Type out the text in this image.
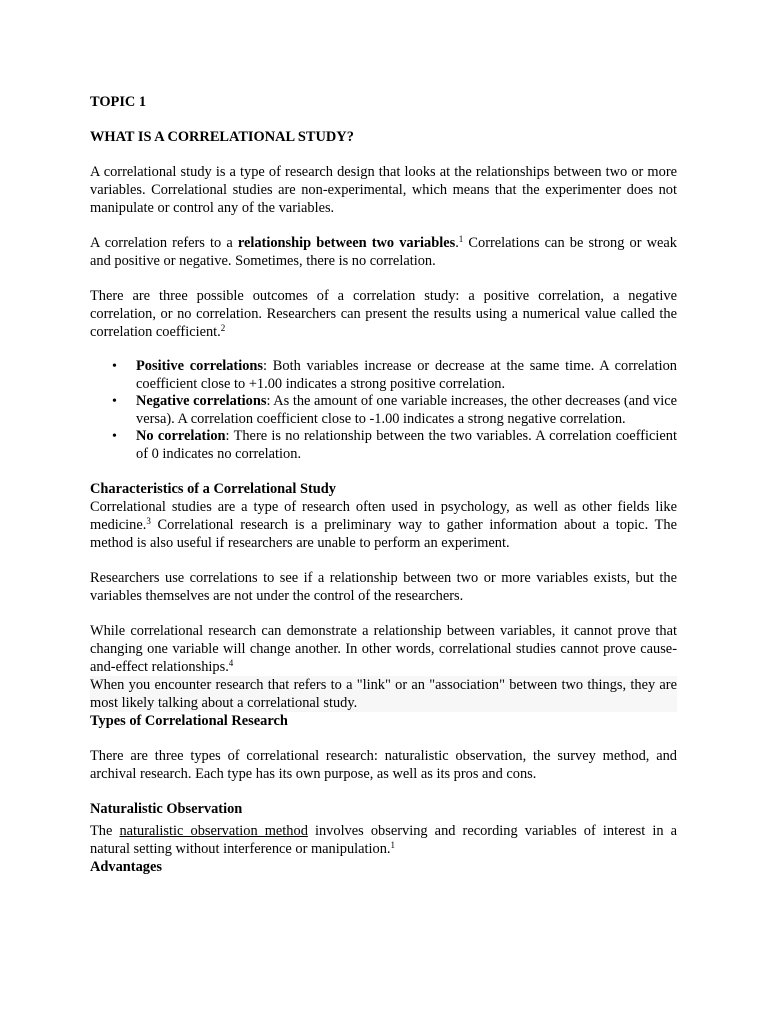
TOPIC 1
WHAT IS A CORRELATIONAL STUDY?

A correlational study is a type of research design that looks at the relationships between two or more variables. Correlational studies are non-experimental, which means that the experimenter does not manipulate or control any of the variables.

A correlation refers to a relationship between two variables.$^1$ Correlations can be strong or weak and positive or negative. Sometimes, there is no correlation.

There are three possible outcomes of a correlation study: a positive correlation, a negative correlation, or no correlation. Researchers can present the results using a numerical value called the correlation coefficient.$^2$

• Positive correlations: Both variables increase or decrease at the same time. A correlation coefficient close to +1.00 indicates a strong positive correlation.
• Negative correlations: As the amount of one variable increases, the other decreases (and vice versa). A correlation coefficient close to -1.00 indicates a strong negative correlation.
• No correlation: There is no relationship between the two variables. A correlation coefficient of 0 indicates no correlation.
Characteristics of a Correlational Study

Correlational studies are a type of research often used in psychology, as well as other fields like medicine.$^3$ Correlational research is a preliminary way to gather information about a topic. The method is also useful if researchers are unable to perform an experiment.

Researchers use correlations to see if a relationship between two or more variables exists, but the variables themselves are not under the control of the researchers.

While correlational research can demonstrate a relationship between variables, it cannot prove that changing one variable will change another. In other words, correlational studies cannot prove cause-and-effect relationships.$^4$

When you encounter research that refers to a "link" or an "association" between two things, they are most likely talking about a correlational study.

Types of Correlational Research

There are three types of correlational research: naturalistic observation, the survey method, and archival research. Each type has its own purpose, as well as its pros and cons.

Naturalistic Observation

The naturalistic observation method involves observing and recording variables of interest in a natural setting without interference or manipulation.$^1$

Advantages
